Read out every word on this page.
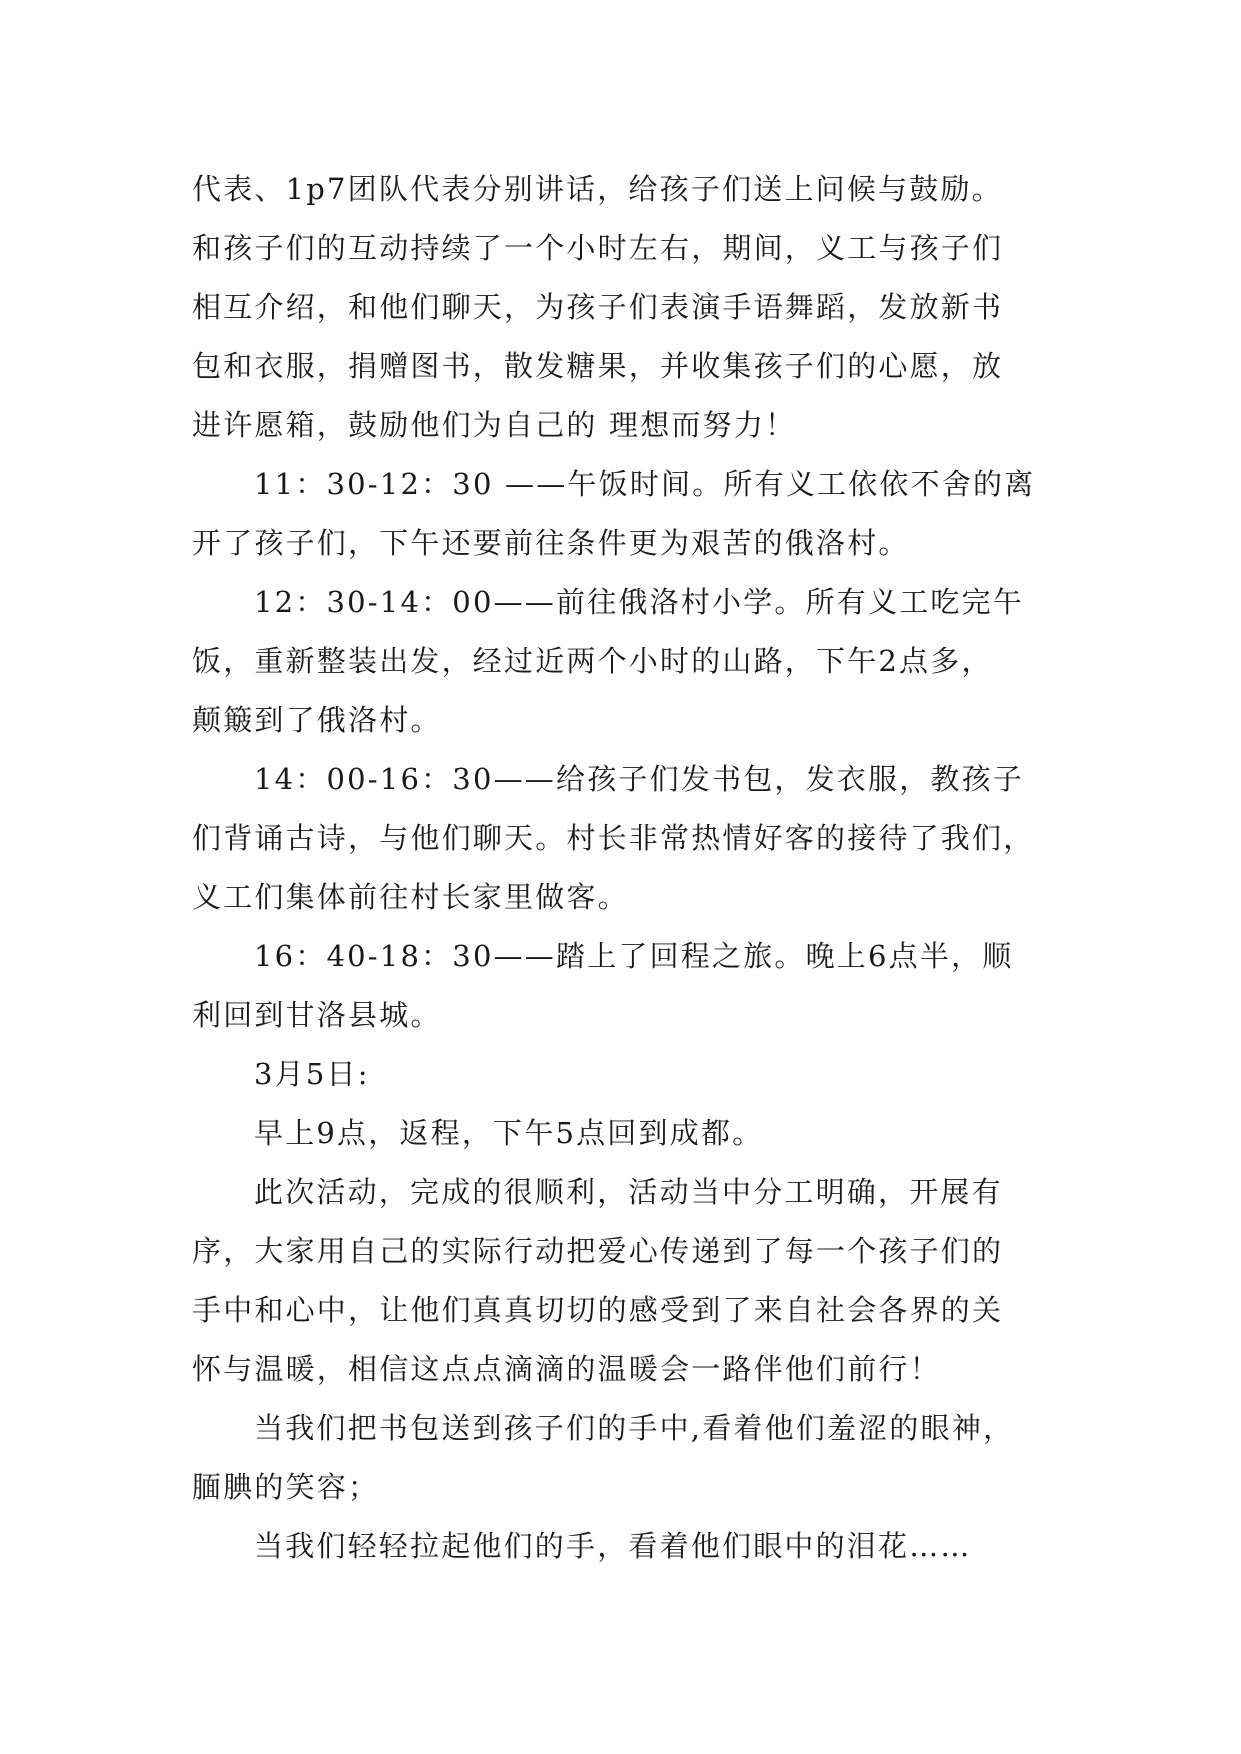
代表、1p7团队代表分别讲话，给孩子们送上问候与鼓励。
和孩子们的互动持续了一个小时左右，期间，义工与孩子们
相互介绍，和他们聊天，为孩子们表演手语舞蹈，发放新书
包和衣服，捐赠图书，散发糖果，并收集孩子们的心愿，放
进许愿箱，鼓励他们为自己的 理想而努力！
11：30-12：30 ——午饭时间。所有义工依依不舍的离
开了孩子们，下午还要前往条件更为艰苦的俄洛村。
12：30-14：00——前往俄洛村小学。所有义工吃完午
饭，重新整装出发，经过近两个小时的山路，下午2点多，
颠簸到了俄洛村。
14：00-16：30——给孩子们发书包，发衣服，教孩子
们背诵古诗，与他们聊天。村长非常热情好客的接待了我们，
义工们集体前往村长家里做客。
16：40-18：30——踏上了回程之旅。晚上6点半，顺
利回到甘洛县城。
3月5日:
早上9点，返程，下午5点回到成都。
此次活动，完成的很顺利，活动当中分工明确，开展有
序，大家用自己的实际行动把爱心传递到了每一个孩子们的
手中和心中，让他们真真切切的感受到了来自社会各界的关
怀与温暖，相信这点点滴滴的温暖会一路伴他们前行！
当我们把书包送到孩子们的手中,看着他们羞涩的眼神，
腼腆的笑容；
当我们轻轻拉起他们的手，看着他们眼中的泪花……
